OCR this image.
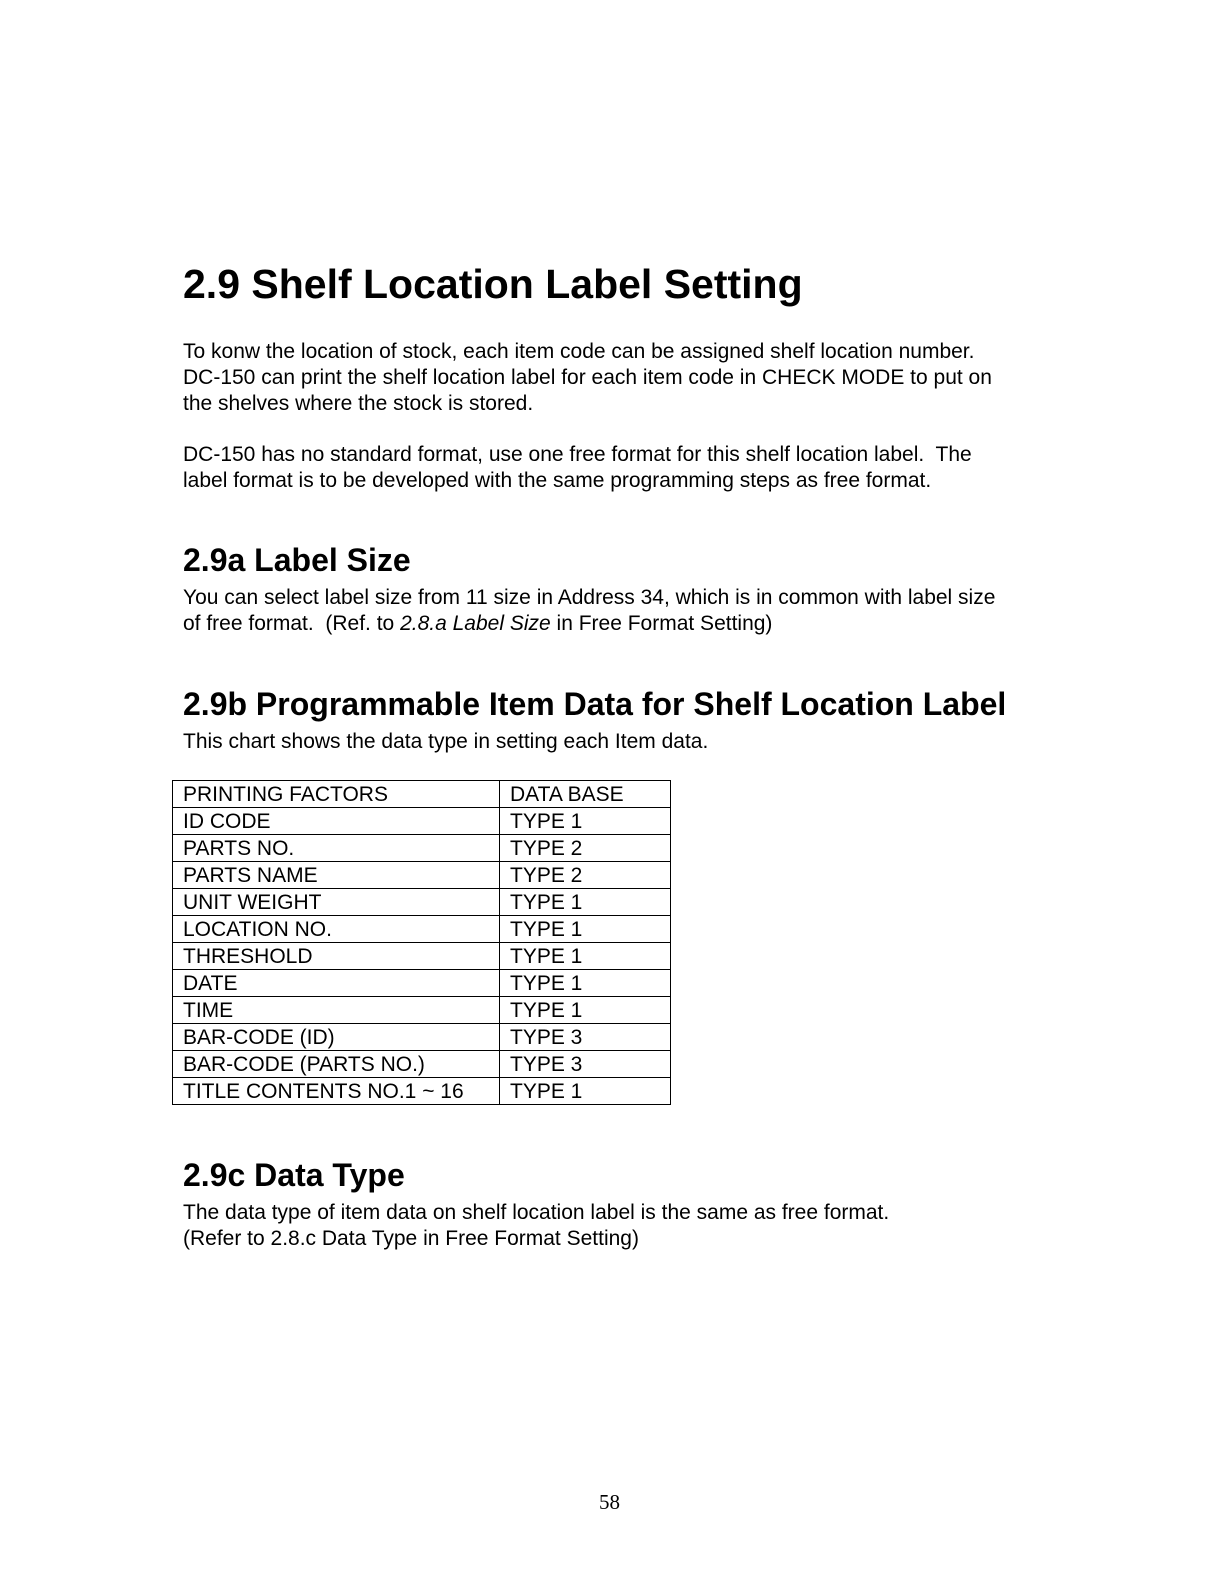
2.9 Shelf Location Label Setting

To konw the location of stock, each item code can be assigned shelf location number.
DC-150 can print the shelf location label for each item code in CHECK MODE to put on
the shelves where the stock is stored.

DC-150 has no standard format, use one free format for this shelf location label.  The
label format is to be developed with the same programming steps as free format.

2.9a Label Size

You can select label size from 11 size in Address 34, which is in common with label size
of free format.  (Ref. to 2.8.a Label Size in Free Format Setting)

2.9b Programmable Item Data for Shelf Location Label

This chart shows the data type in setting each Item data.

2.9c Data Type

The data type of item data on shelf location label is the same as free format.
(Refer to 2.8.c Data Type in Free Format Setting)

PRINTING FACTORS	DATA BASE
ID CODE	TYPE 1
PARTS NO.	TYPE 2
PARTS NAME	TYPE 2
UNIT WEIGHT	TYPE 1
LOCATION NO.	TYPE 1
THRESHOLD	TYPE 1
DATE	TYPE 1
TIME	TYPE 1
BAR-CODE (ID)	TYPE 3
BAR-CODE (PARTS NO.)	TYPE 3
TITLE CONTENTS NO.1 ~ 16	TYPE 1
58
